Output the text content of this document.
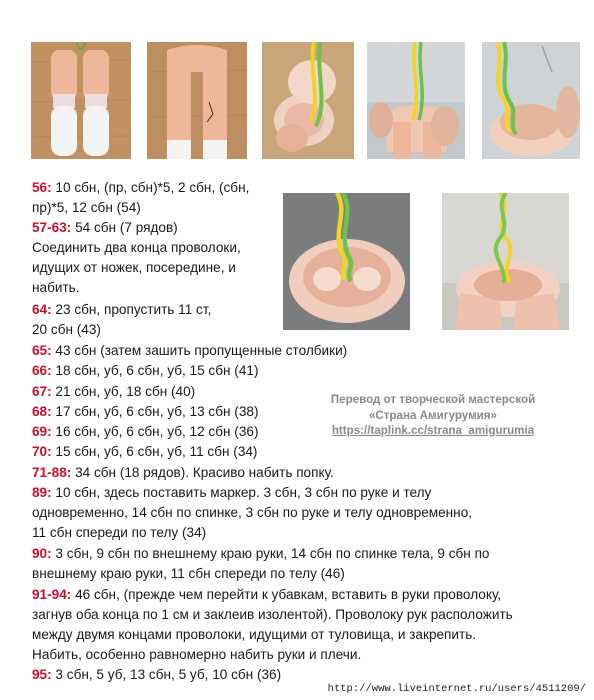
56: 10 сбн, (пр, сбн)*5, 2 сбн, (сбн,
пр)*5, 12 сбн (54)
57-63: 54 сбн (7 рядов)
Соединить два конца проволоки,
идущих от ножек, посередине, и
набить.
64: 23 сбн, пропустить 11 ст,
20 сбн (43)
65: 43 сбн (затем зашить пропущенные столбики)
66: 18 сбн, уб, 6 сбн, уб, 15 сбн (41)
67: 21 сбн, уб, 18 сбн (40)
68: 17 сбн, уб, 6 сбн, уб, 13 сбн (38)
69: 16 сбн, уб, 6 сбн, уб, 12 сбн (36)
70: 15 сбн, уб, 6 сбн, уб, 11 сбн (34)
71-88: 34 сбн (18 рядов). Красиво набить попку.
89: 10 сбн, здесь поставить маркер. 3 сбн, 3 сбн по руке и телу
одновременно, 14 сбн по спинке, 3 сбн по руке и телу одновременно,
11 сбн спереди по телу (34)
90: 3 сбн, 9 сбн по внешнему краю руки, 14 сбн по спинке тела, 9 сбн по
внешнему краю руки, 11 сбн спереди по телу (46)
91-94: 46 сбн, (прежде чем перейти к убавкам, вставить в руки проволоку,
загнув оба конца по 1 см и заклеив изолентой). Проволоку рук расположить
между двумя концами проволоки, идущими от туловища, и закрепить.
Набить, особенно равномерно набить руки и плечи.
95: 3 сбн, 5 уб, 13 сбн, 5 уб, 10 сбн (36)
Перевод от творческой мастерской
«Страна Амигурумия»
https://taplink.cc/strana_amigurumia
http://www.liveinternet.ru/users/4511209/
